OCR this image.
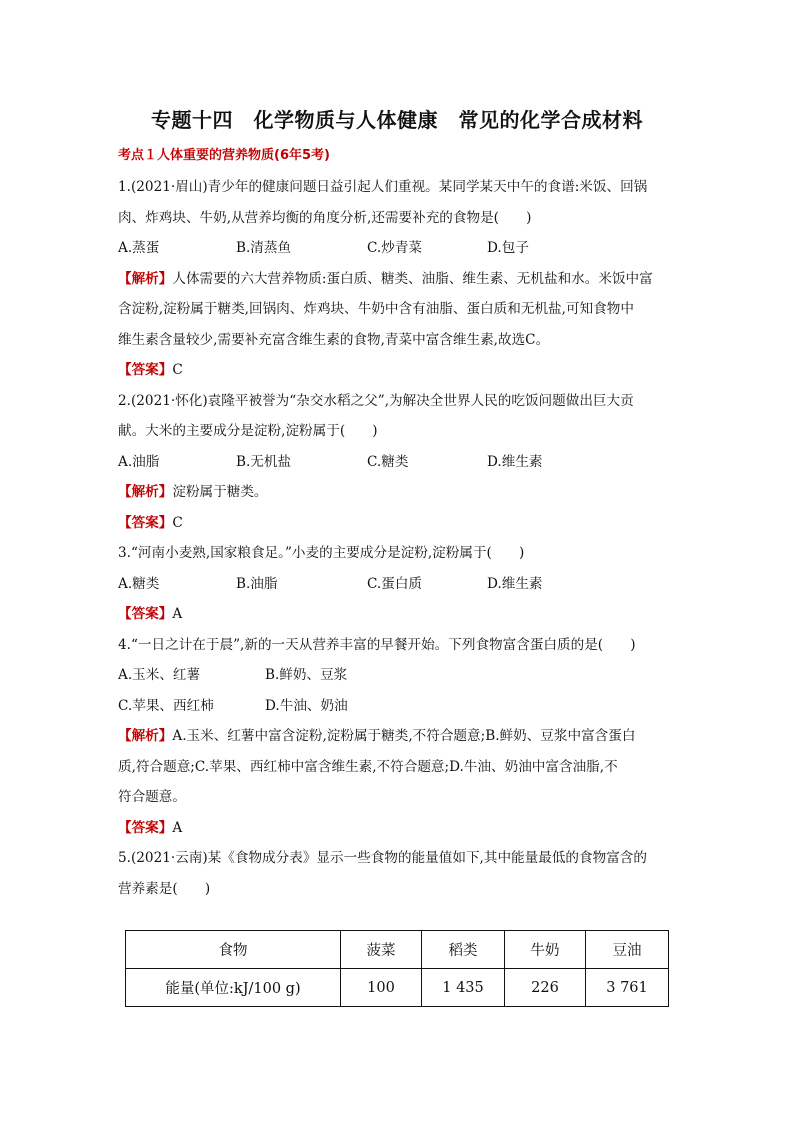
专题十四　化学物质与人体健康　常见的化学合成材料
考点１人体重要的营养物质(6年5考)
1.(2021·眉山)青少年的健康问题日益引起人们重视。某同学某天中午的食谱:米饭、回锅
肉、炸鸡块、牛奶,从营养均衡的角度分析,还需要补充的食物是(　　)
A.蒸蛋	B.清蒸鱼	C.炒青菜	D.包子
【解析】人体需要的六大营养物质:蛋白质、糖类、油脂、维生素、无机盐和水。米饭中富
含淀粉,淀粉属于糖类,回锅肉、炸鸡块、牛奶中含有油脂、蛋白质和无机盐,可知食物中
维生素含量较少,需要补充富含维生素的食物,青菜中富含维生素,故选C。
【答案】C
2.(2021·怀化)袁隆平被誉为“杂交水稻之父”,为解决全世界人民的吃饭问题做出巨大贡
献。大米的主要成分是淀粉,淀粉属于(　　)
A.油脂	B.无机盐	C.糖类	D.维生素
【解析】淀粉属于糖类。
【答案】C
3.“河南小麦熟,国家粮食足。”小麦的主要成分是淀粉,淀粉属于(　　)
A.糖类	B.油脂	C.蛋白质	D.维生素
【答案】A
4.“一日之计在于晨”,新的一天从营养丰富的早餐开始。下列食物富含蛋白质的是(　　)
A.玉米、红薯	B.鲜奶、豆浆
C.苹果、西红柿	D.牛油、奶油
【解析】A.玉米、红薯中富含淀粉,淀粉属于糖类,不符合题意;B.鲜奶、豆浆中富含蛋白
质,符合题意;C.苹果、西红柿中富含维生素,不符合题意;D.牛油、奶油中富含油脂,不
符合题意。
【答案】A
5.(2021·云南)某《食物成分表》显示一些食物的能量值如下,其中能量最低的食物富含的
营养素是(　　)
食物	菠菜	稻类	牛奶	豆油
能量(单位:kJ/100 g)	100	1 435	226	3 761
